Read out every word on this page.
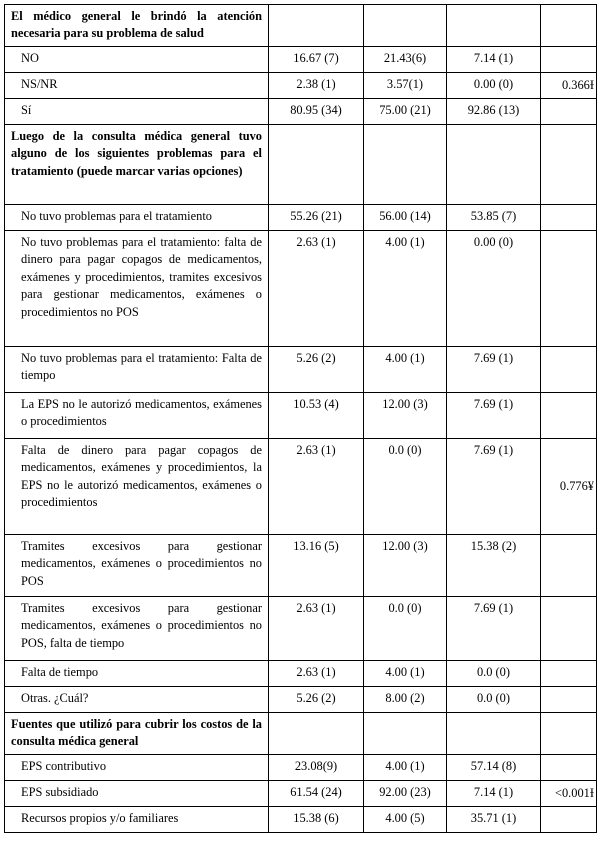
El médico general le brindó la atención necesaria para su problema de salud				
NO	16.67 (7)	21.43(6)	7.14 (1)	
NS/NR	2.38 (1)	3.57(1)	0.00 (0)	0.366Ɨ
Sí	80.95 (34)	75.00 (21)	92.86 (13)	
Luego de la consulta médica general tuvo alguno de los siguientes problemas para el tratamiento (puede marcar varias opciones)				
No tuvo problemas para el tratamiento	55.26 (21)	56.00 (14)	53.85 (7)	
No tuvo problemas para el tratamiento: falta de dinero para pagar copagos de medicamentos, exámenes y procedimientos, tramites excesivos para gestionar medicamentos, exámenes o procedimientos no POS	2.63 (1)	4.00 (1)	0.00 (0)	
No tuvo problemas para el tratamiento: Falta de tiempo	5.26 (2)	4.00 (1)	7.69 (1)	
La EPS no le autorizó medicamentos, exámenes o procedimientos	10.53 (4)	12.00 (3)	7.69 (1)	
Falta de dinero para pagar copagos de medicamentos, exámenes y procedimientos, la EPS no le autorizó medicamentos, exámenes o procedimientos	2.63 (1)	0.0 (0)	7.69 (1)	0.776¥
Tramites excesivos para gestionar medicamentos, exámenes o procedimientos no POS	13.16 (5)	12.00 (3)	15.38 (2)	
Tramites excesivos para gestionar medicamentos, exámenes o procedimientos no POS, falta de tiempo	2.63 (1)	0.0 (0)	7.69 (1)	
Falta de tiempo	2.63 (1)	4.00 (1)	0.0 (0)	
Otras. ¿Cuál?	5.26 (2)	8.00 (2)	0.0 (0)	
Fuentes que utilizó para cubrir los costos de la consulta médica general				
EPS contributivo	23.08(9)	4.00 (1)	57.14 (8)	
EPS subsidiado	61.54 (24)	92.00 (23)	7.14 (1)	<0.001Ɨ
Recursos propios y/o familiares	15.38 (6)	4.00 (5)	35.71 (1)	
